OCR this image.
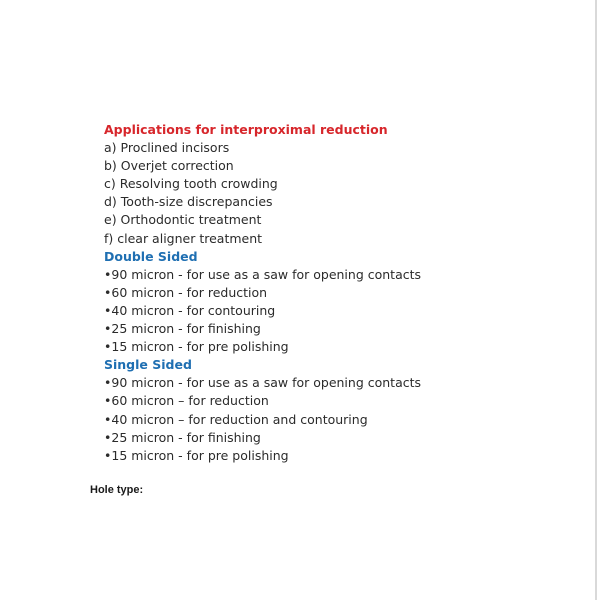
Applications for interproximal reduction
a) Proclined incisors
b) Overjet correction
c) Resolving tooth crowding
d) Tooth-size discrepancies
e) Orthodontic treatment
f) clear aligner treatment
Double Sided
•90 micron - for use as a saw for opening contacts
•60 micron - for reduction
•40 micron - for contouring
•25 micron - for finishing
•15 micron - for pre polishing
Single Sided
•90 micron - for use as a saw for opening contacts
•60 micron – for reduction
•40 micron – for reduction and contouring
•25 micron - for finishing
•15 micron - for pre polishing
Hole type:
